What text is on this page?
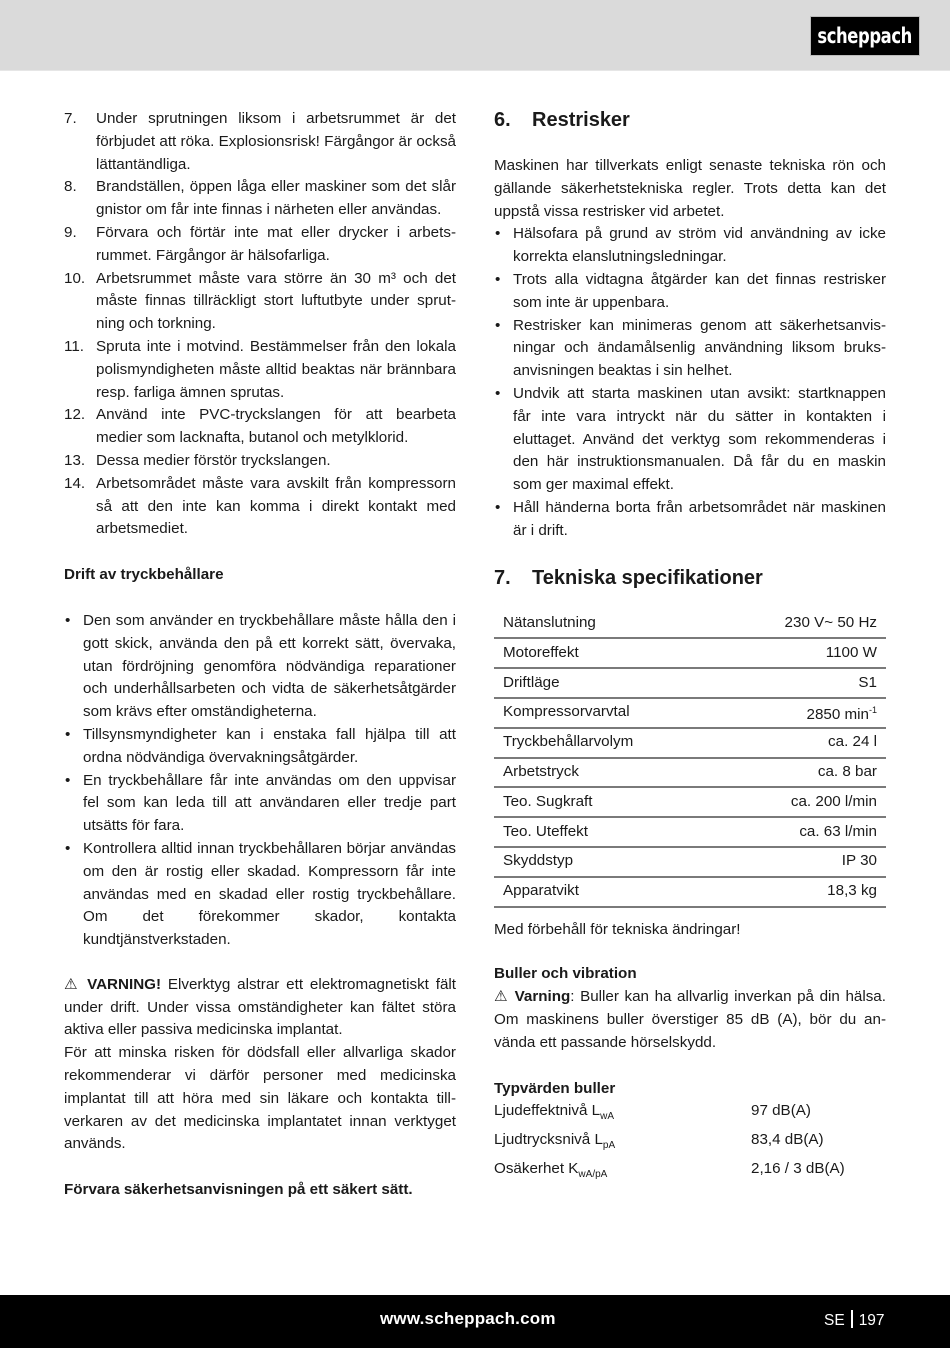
scheppach
7.	Under sprutningen liksom i arbetsrummet är det förbjudet att röka. Explosionsrisk! Färgångor är också lättantändliga.
8.	Brandställen, öppen låga eller maskiner som det slår gnistor om får inte finnas i närheten eller användas.
9.	Förvara och förtär inte mat eller drycker i arbetsrummet. Färgångor är hälsofarliga.
10. Arbetsrummet måste vara större än 30 m³ och det måste finnas tillräckligt stort luftutbyte under sprutning och torkning.
11. Spruta inte i motvind. Bestämmelser från den lokala polismyndigheten måste alltid beaktas när brännbara resp. farliga ämnen sprutas.
12. Använd inte PVC-tryckslangen för att bearbeta medier som lacknafta, butanol och metylklorid.
13. Dessa medier förstör tryckslangen.
14. Arbetsområdet måste vara avskilt från kompressorn så att den inte kan komma i direkt kontakt med arbetsmediet.
Drift av tryckbehållare
• Den som använder en tryckbehållare måste hålla den i gott skick, använda den på ett korrekt sätt, övervaka, utan fördröjning genomföra nödvändiga reparationer och underhållsarbeten och vidta de säkerhetsåtgärder som krävs efter omständigheterna.
• Tillsynsmyndigheter kan i enstaka fall hjälpa till att ordna nödvändiga övervakningsåtgärder.
• En tryckbehållare får inte användas om den uppvisar fel som kan leda till att användaren eller tredje part utsätts för fara.
• Kontrollera alltid innan tryckbehållaren börjar användas om den är rostig eller skadad. Kompressorn får inte användas med en skadad eller rostig tryckbehållare. Om det förekommer skador, kontakta kundtjänstverkstaden.
⚠ VARNING! Elverktyg alstrar ett elektromagnetiskt fält under drift. Under vissa omständigheter kan fältet störa aktiva eller passiva medicinska implantat.
För att minska risken för dödsfall eller allvarliga skador rekommenderar vi därför personer med medicinska implantat till att höra med sin läkare och kontakta tillverkaren av det medicinska implantatet innan verktyget används.
Förvara säkerhetsanvisningen på ett säkert sätt.
6.	Restrisker
Maskinen har tillverkats enligt senaste tekniska rön och gällande säkerhetstekniska regler. Trots detta kan det uppstå vissa restrisker vid arbetet.
• Hälsofara på grund av ström vid användning av icke korrekta elanslutningsledningar.
• Trots alla vidtagna åtgärder kan det finnas restrisker som inte är uppenbara.
• Restrisker kan minimeras genom att säkerhetsanvisningar och ändamålsenlig användning liksom bruksanvisningen beaktas i sin helhet.
• Undvik att starta maskinen utan avsikt: startknappen får inte vara intryckt när du sätter in kontakten i eluttaget. Använd det verktyg som rekommenderas i den här instruktionsmanualen. Då får du en maskin som ger maximal effekt.
• Håll händerna borta från arbetsområdet när maskinen är i drift.
7.	Tekniska specifikationer
Nätanslutning	230 V~ 50 Hz
Motoreffekt	1100 W
Driftläge	S1
Kompressorvarvtal	2850 $\min^{-1}$
Tryckbehållarvolym	ca. 24 l
Arbetstryck	ca. 8 bar
Teo. Sugkraft	ca. 200 l/min
Teo. Uteffekt	ca. 63 l/min
Skyddstyp	IP 30
Apparatvikt	18,3 kg
Med förbehåll för tekniska ändringar!
Buller och vibration
⚠ Varning: Buller kan ha allvarlig inverkan på din hälsa. Om maskinens buller överstiger 85 dB (A), bör du använda ett passande hörselskydd.
Typvärden buller
Ljudeffektnivå $L_{wA}$	97 dB(A)
Ljudtrycksnivå $L_{pA}$	83,4 dB(A)
Osäkerhet $K_{wA/pA}$	2,16 / 3 dB(A)
www.scheppach.com	SE 197
